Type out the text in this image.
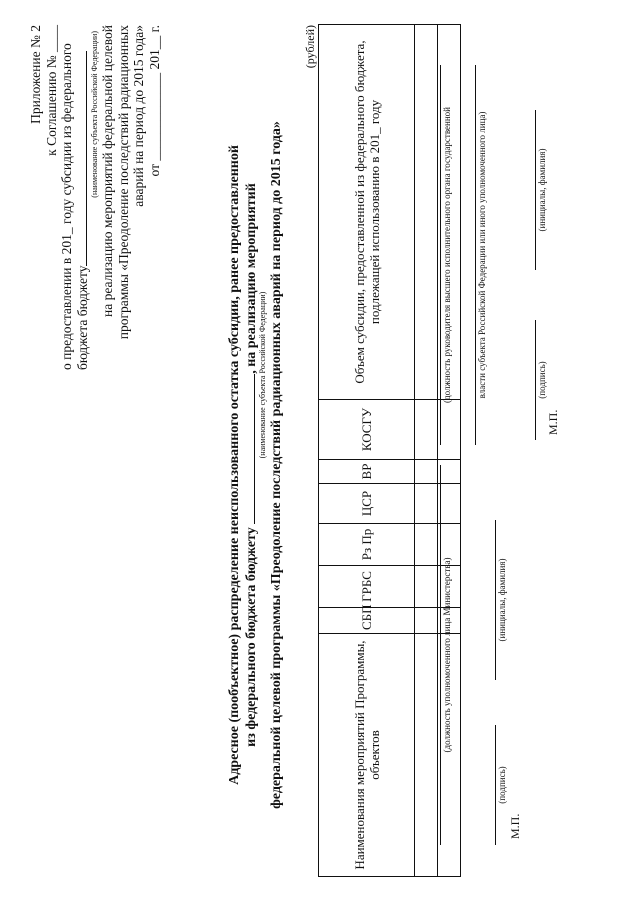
Приложение № 2 к Соглашению № ____ о предоставлении в 201_ году субсидии из федерального бюджета бюджету
(наименование субъекта Российской Федерации) на реализацию мероприятий федеральной целевой программы «Преодоление последствий радиационных аварий на период до 2015 года» от _____________ 201__ г.
Адресное (пообъектное) распределение неиспользованного остатка субсидии, ранее предоставленной из федерального бюджета бюджету , на реализацию мероприятий
(наименование субъекта Российской Федерации) федеральной целевой программы «Преодоление последствий радиационных аварий на период до 2015 года»
(рублей)
Наименования мероприятий Программы, объектов	СБП	ГРБС	Рз Пр	ЦСР	ВР	КОСГУ	Объем субсидии, предоставленной из федерального бюджета, подлежащей использованию в 201_ году

(должность уполномоченного лица Министерства)
(подпись)
(инициалы, фамилия)
М.П.
(должность руководителя высшего исполнительного органа государственной	власти субъекта Российской Федерации или иного уполномоченного лица)	(подпись)
(инициалы, фамилия)
М.П.
